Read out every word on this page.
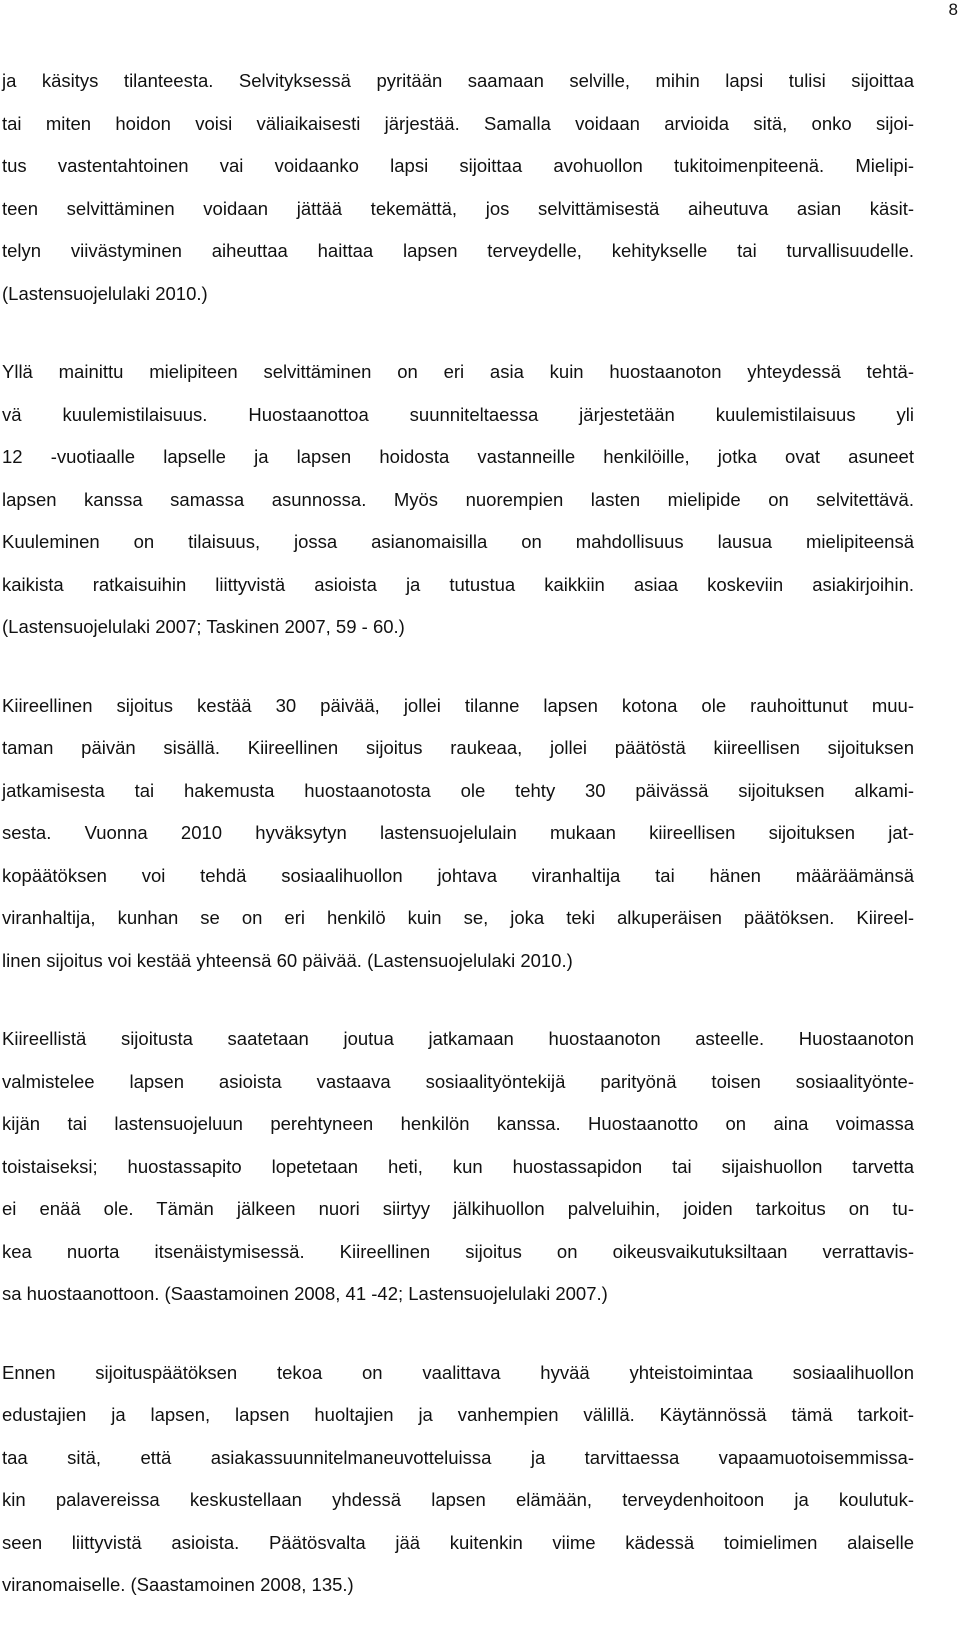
8
ja käsitys tilanteesta. Selvityksessä pyritään saamaan selville, mihin lapsi tulisi sijoittaa
tai miten hoidon voisi väliaikaisesti järjestää. Samalla voidaan arvioida sitä, onko sijoi-
tus vastentahtoinen vai voidaanko lapsi sijoittaa avohuollon tukitoimenpiteenä. Mielipi-
teen selvittäminen voidaan jättää tekemättä, jos selvittämisestä aiheutuva asian käsit-
telyn viivästyminen aiheuttaa haittaa lapsen terveydelle, kehitykselle tai turvallisuudelle.
(Lastensuojelulaki 2010.)
Yllä mainittu mielipiteen selvittäminen on eri asia kuin huostaanoton yhteydessä tehtä-
vä kuulemistilaisuus. Huostaanottoa suunniteltaessa järjestetään kuulemistilaisuus yli
12 -vuotiaalle lapselle ja lapsen hoidosta vastanneille henkilöille, jotka ovat asuneet
lapsen kanssa samassa asunnossa. Myös nuorempien lasten mielipide on selvitettävä.
Kuuleminen on tilaisuus, jossa asianomaisilla on mahdollisuus lausua mielipiteensä
kaikista ratkaisuihin liittyvistä asioista ja tutustua kaikkiin asiaa koskeviin asiakirjoihin.
(Lastensuojelulaki 2007; Taskinen 2007, 59 - 60.)
Kiireellinen sijoitus kestää 30 päivää, jollei tilanne lapsen kotona ole rauhoittunut muu-
taman päivän sisällä. Kiireellinen sijoitus raukeaa, jollei päätöstä kiireellisen sijoituksen
jatkamisesta tai hakemusta huostaanotosta ole tehty 30 päivässä sijoituksen alkami-
sesta. Vuonna 2010 hyväksytyn lastensuojelulain mukaan kiireellisen sijoituksen jat-
kopäätöksen voi tehdä sosiaalihuollon johtava viranhaltija tai hänen määräämänsä
viranhaltija, kunhan se on eri henkilö kuin se, joka teki alkuperäisen päätöksen. Kiireel-
linen sijoitus voi kestää yhteensä 60 päivää. (Lastensuojelulaki 2010.)
Kiireellistä sijoitusta saatetaan joutua jatkamaan huostaanoton asteelle. Huostaanoton
valmistelee lapsen asioista vastaava sosiaalityöntekijä parityönä toisen sosiaalityönte-
kijän tai lastensuojeluun perehtyneen henkilön kanssa. Huostaanotto on aina voimassa
toistaiseksi; huostassapito lopetetaan heti, kun huostassapidon tai sijaishuollon tarvetta
ei enää ole. Tämän jälkeen nuori siirtyy jälkihuollon palveluihin, joiden tarkoitus on tu-
kea nuorta itsenäistymisessä. Kiireellinen sijoitus on oikeusvaikutuksiltaan verrattavis-
sa huostaanottoon. (Saastamoinen 2008, 41 -42; Lastensuojelulaki 2007.)
Ennen sijoituspäätöksen tekoa on vaalittava hyvää yhteistoimintaa sosiaalihuollon
edustajien ja lapsen, lapsen huoltajien ja vanhempien välillä. Käytännössä tämä tarkoit-
taa sitä, että asiakassuunnitelmaneuvotteluissa ja tarvittaessa vapaamuotoisemmissa-
kin palavereissa keskustellaan yhdessä lapsen elämään, terveydenhoitoon ja koulutuk-
seen liittyvistä asioista. Päätösvalta jää kuitenkin viime kädessä toimielimen alaiselle
viranomaiselle. (Saastamoinen 2008, 135.)
